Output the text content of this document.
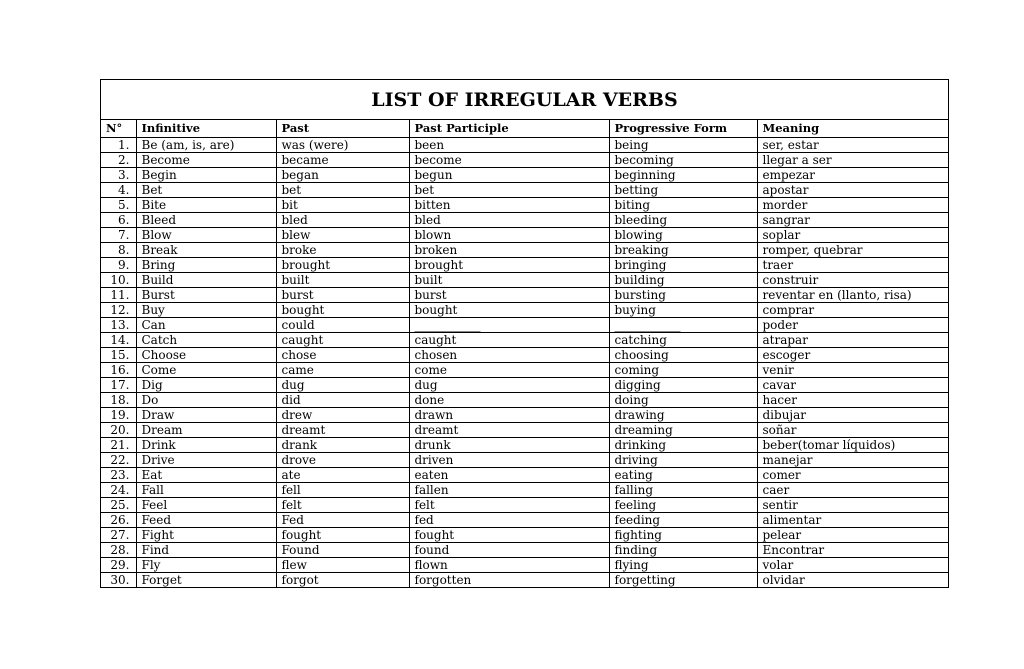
LIST OF IRREGULAR VERBS
N°	Infinitive	Past	Past Participle	Progressive Form	Meaning
1.	Be (am, is, are)	was (were)	been	being	ser, estar
2.	Become	became	become	becoming	llegar a ser
3.	Begin	began	begun	beginning	empezar
4.	Bet	bet	bet	betting	apostar
5.	Bite	bit	bitten	biting	morder
6.	Bleed	bled	bled	bleeding	sangrar
7.	Blow	blew	blown	blowing	soplar
8.	Break	broke	broken	breaking	romper, quebrar
9.	Bring	brought	brought	bringing	traer
10.	Build	built	built	building	construir
11.	Burst	burst	burst	bursting	reventar en (llanto, risa)
12.	Buy	bought	bought	buying	comprar
13.	Can	could	___________	___________	poder
14.	Catch	caught	caught	catching	atrapar
15.	Choose	chose	chosen	choosing	escoger
16.	Come	came	come	coming	venir
17.	Dig	dug	dug	digging	cavar
18.	Do	did	done	doing	hacer
19.	Draw	drew	drawn	drawing	dibujar
20.	Dream	dreamt	dreamt	dreaming	soñar
21.	Drink	drank	drunk	drinking	beber(tomar líquidos)
22.	Drive	drove	driven	driving	manejar
23.	Eat	ate	eaten	eating	comer
24.	Fall	fell	fallen	falling	caer
25.	Feel	felt	felt	feeling	sentir
26.	Feed	Fed	fed	feeding	alimentar
27.	Fight	fought	fought	fighting	pelear
28.	Find	Found	found	finding	Encontrar
29.	Fly	flew	flown	flying	volar
30.	Forget	forgot	forgotten	forgetting	olvidar
